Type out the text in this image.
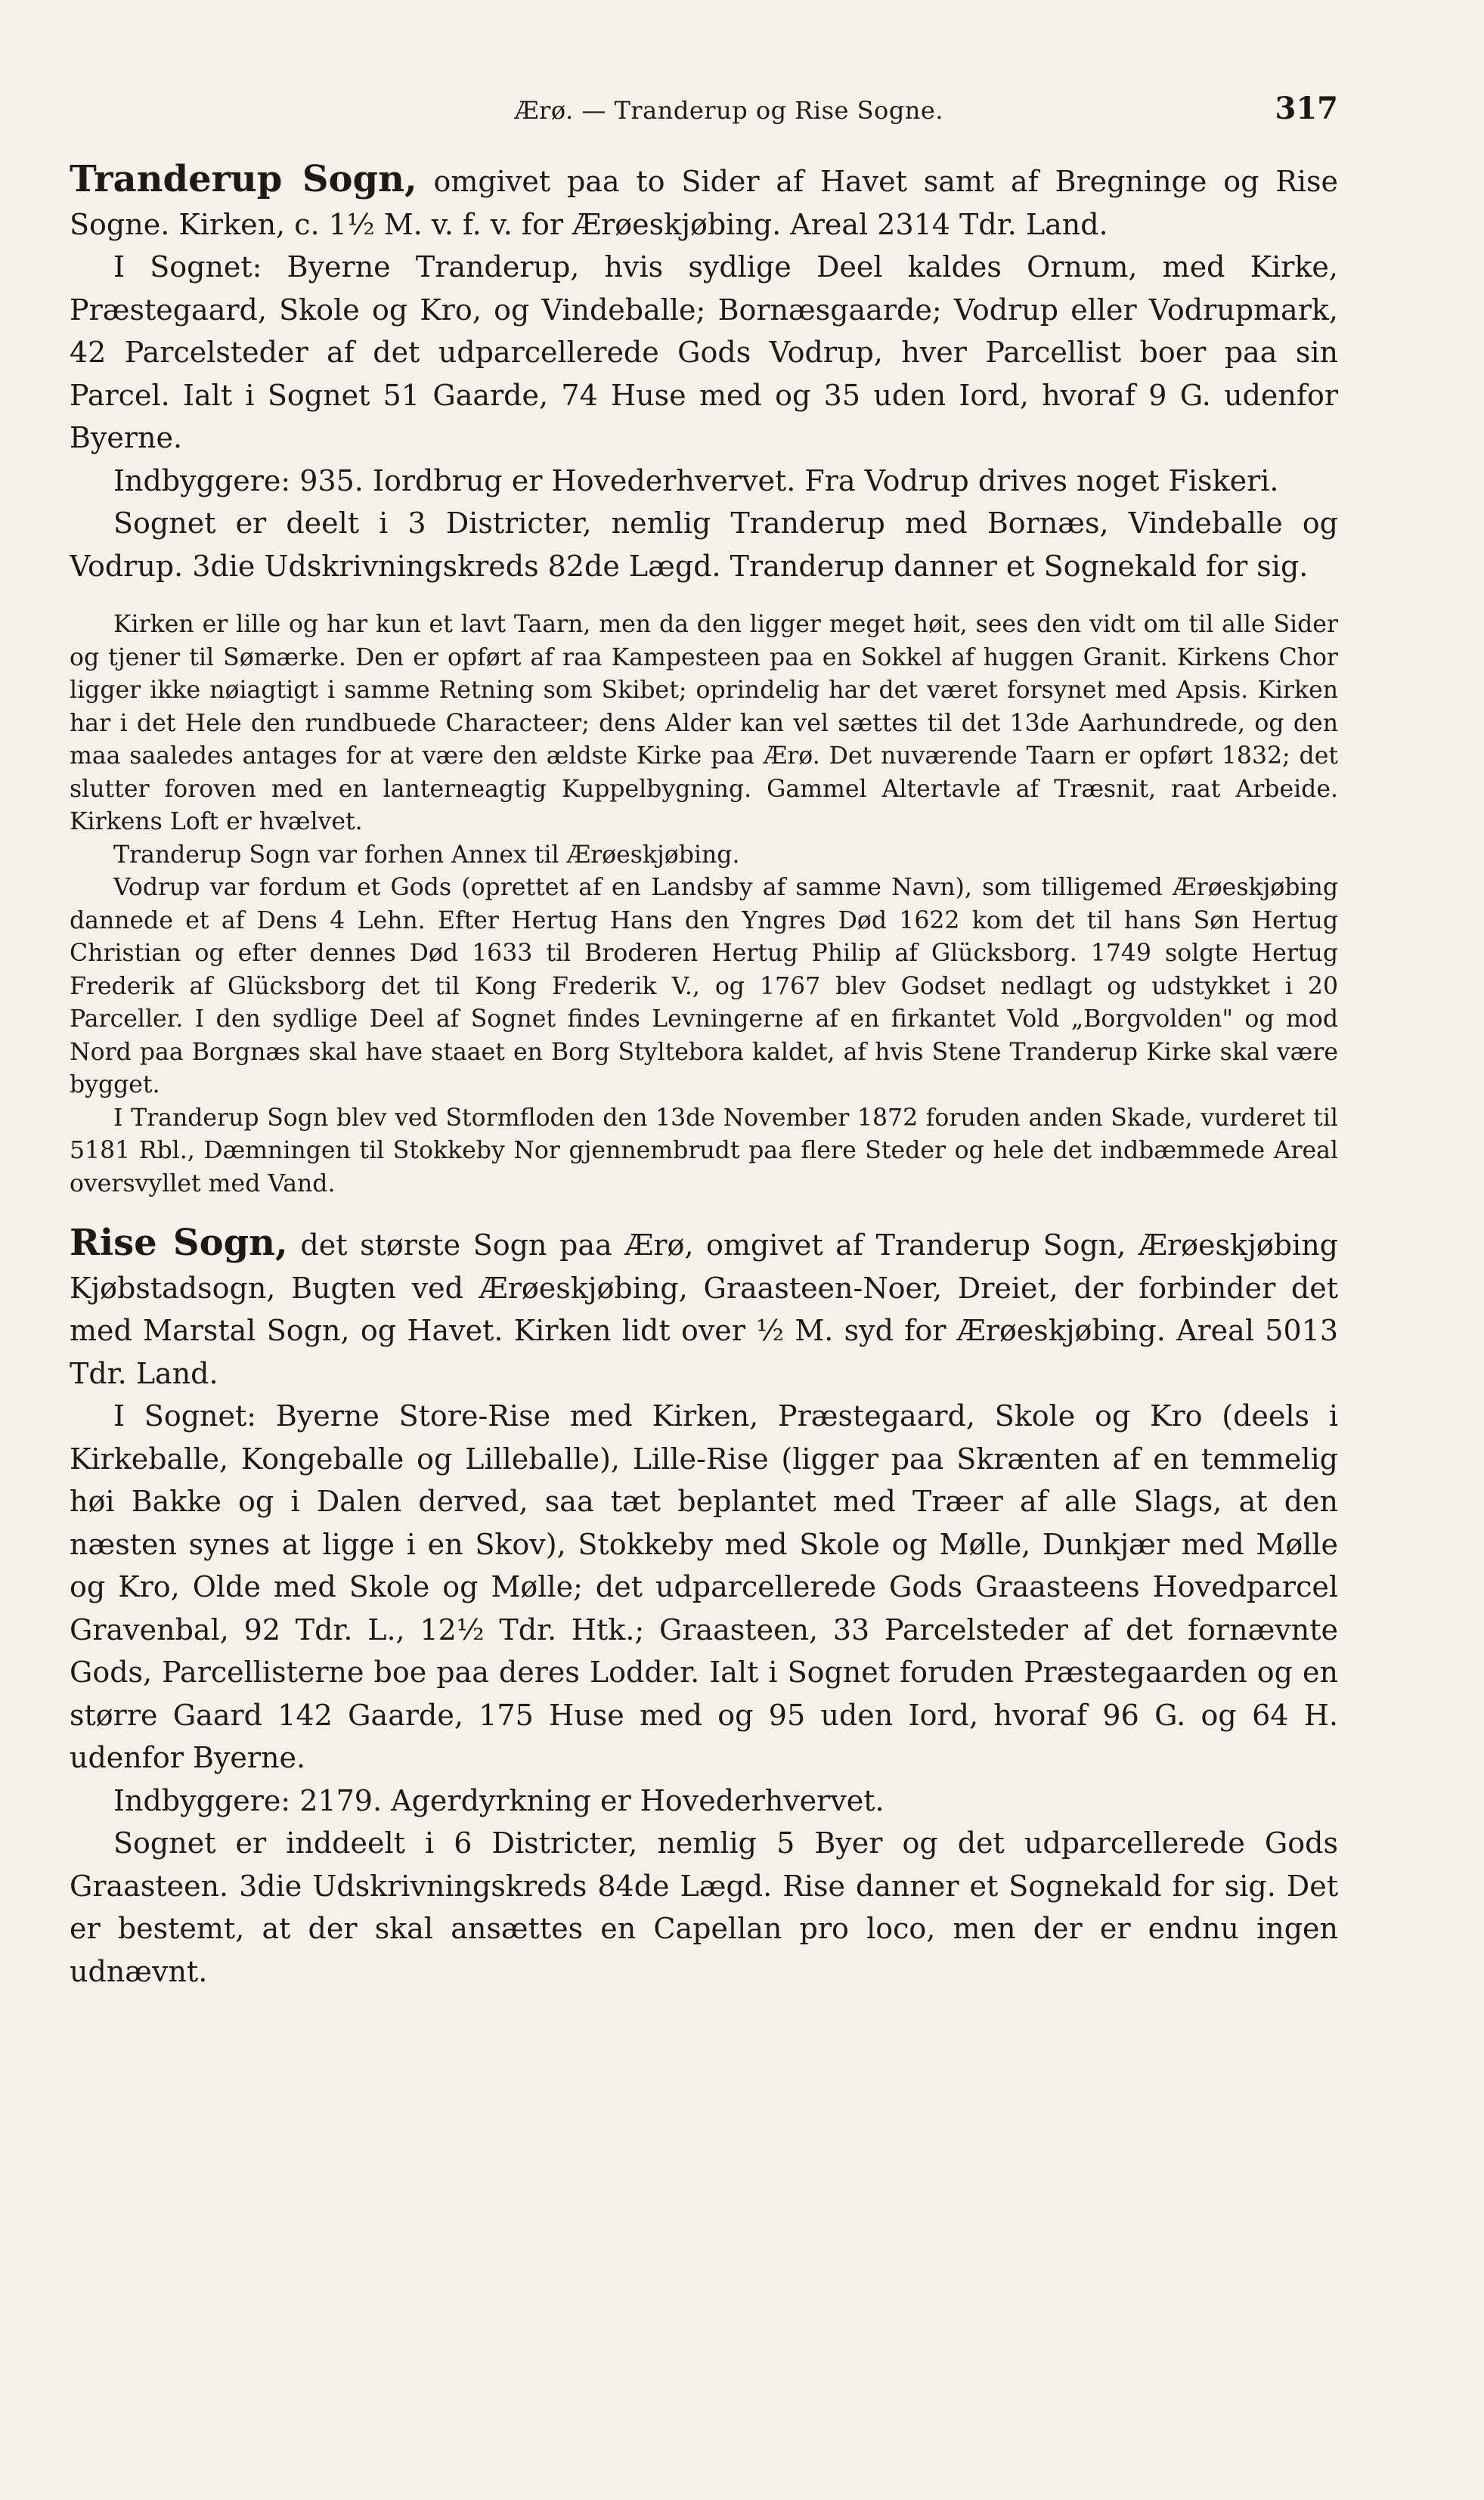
Ærø. — Tranderup og Rise Sogne.	317

Tranderup Sogn, omgivet paa to Sider af Havet samt af Bregninge og Rise Sogne. Kirken, c. 1½ M. v. f. v. for Ærøeskjøbing. Areal 2314 Tdr. Land.

I Sognet: Byerne Tranderup, hvis sydlige Deel kaldes Ornum, med Kirke, Præstegaard, Skole og Kro, og Vindeballe; Bornæsgaarde; Vodrup eller Vodrupmark, 42 Parcelsteder af det udparcellerede Gods Vodrup, hver Parcellist boer paa sin Parcel. Ialt i Sognet 51 Gaarde, 74 Huse med og 35 uden Iord, hvoraf 9 G. udenfor Byerne.

Indbyggere: 935. Iordbrug er Hovederhvervet. Fra Vodrup drives noget Fiskeri.

Sognet er deelt i 3 Districter, nemlig Tranderup med Bornæs, Vindeballe og Vodrup. 3die Udskrivningskreds 82de Lægd. Tranderup danner et Sognekald for sig.

Kirken er lille og har kun et lavt Taarn, men da den ligger meget høit, sees den vidt om til alle Sider og tjener til Sømærke. Den er opført af raa Kampesteen paa en Sokkel af huggen Granit. Kirkens Chor ligger ikke nøiagtigt i samme Retning som Skibet; oprindelig har det været forsynet med Apsis. Kirken har i det Hele den rundbuede Characteer; dens Alder kan vel sættes til det 13de Aarhundrede, og den maa saaledes antages for at være den ældste Kirke paa Ærø. Det nuværende Taarn er opført 1832; det slutter foroven med en lanterneagtig Kuppelbygning. Gammel Altertavle af Træsnit, raat Arbeide. Kirkens Loft er hvælvet.

Tranderup Sogn var forhen Annex til Ærøeskjøbing.

Vodrup var fordum et Gods (oprettet af en Landsby af samme Navn), som tilligemed Ærøeskjøbing dannede et af Dens 4 Lehn. Efter Hertug Hans den Yngres Død 1622 kom det til hans Søn Hertug Christian og efter dennes Død 1633 til Broderen Hertug Philip af Glücksborg. 1749 solgte Hertug Frederik af Glücksborg det til Kong Frederik V., og 1767 blev Godset nedlagt og udstykket i 20 Parceller. I den sydlige Deel af Sognet findes Levningerne af en firkantet Vold „Borgvolden" og mod Nord paa Borgnæs skal have staaet en Borg Styltebora kaldet, af hvis Stene Tranderup Kirke skal være bygget.

I Tranderup Sogn blev ved Stormfloden den 13de November 1872 foruden anden Skade, vurderet til 5181 Rbl., Dæmningen til Stokkeby Nor gjennembrudt paa flere Steder og hele det indbæmmede Areal oversvyllet med Vand.

Rise Sogn, det største Sogn paa Ærø, omgivet af Tranderup Sogn, Ærøeskjøbing Kjøbstadsogn, Bugten ved Ærøeskjøbing, Graasteen-Noer, Dreiet, der forbinder det med Marstal Sogn, og Havet. Kirken lidt over ½ M. syd for Ærøeskjøbing. Areal 5013 Tdr. Land.

I Sognet: Byerne Store-Rise med Kirken, Præstegaard, Skole og Kro (deels i Kirkeballe, Kongeballe og Lilleballe), Lille-Rise (ligger paa Skrænten af en temmelig høi Bakke og i Dalen derved, saa tæt beplantet med Træer af alle Slags, at den næsten synes at ligge i en Skov), Stokkeby med Skole og Mølle, Dunkjær med Mølle og Kro, Olde med Skole og Mølle; det udparcellerede Gods Graasteens Hovedparcel Gravenbal, 92 Tdr. L., 12½ Tdr. Htk.; Graasteen, 33 Parcelsteder af det fornævnte Gods, Parcellisterne boe paa deres Lodder. Ialt i Sognet foruden Præstegaarden og en større Gaard 142 Gaarde, 175 Huse med og 95 uden Iord, hvoraf 96 G. og 64 H. udenfor Byerne.

Indbyggere: 2179. Agerdyrkning er Hovederhvervet.

Sognet er inddeelt i 6 Districter, nemlig 5 Byer og det udparcellerede Gods Graasteen. 3die Udskrivningskreds 84de Lægd. Rise danner et Sognekald for sig. Det er bestemt, at der skal ansættes en Capellan pro loco, men der er endnu ingen udnævnt.
